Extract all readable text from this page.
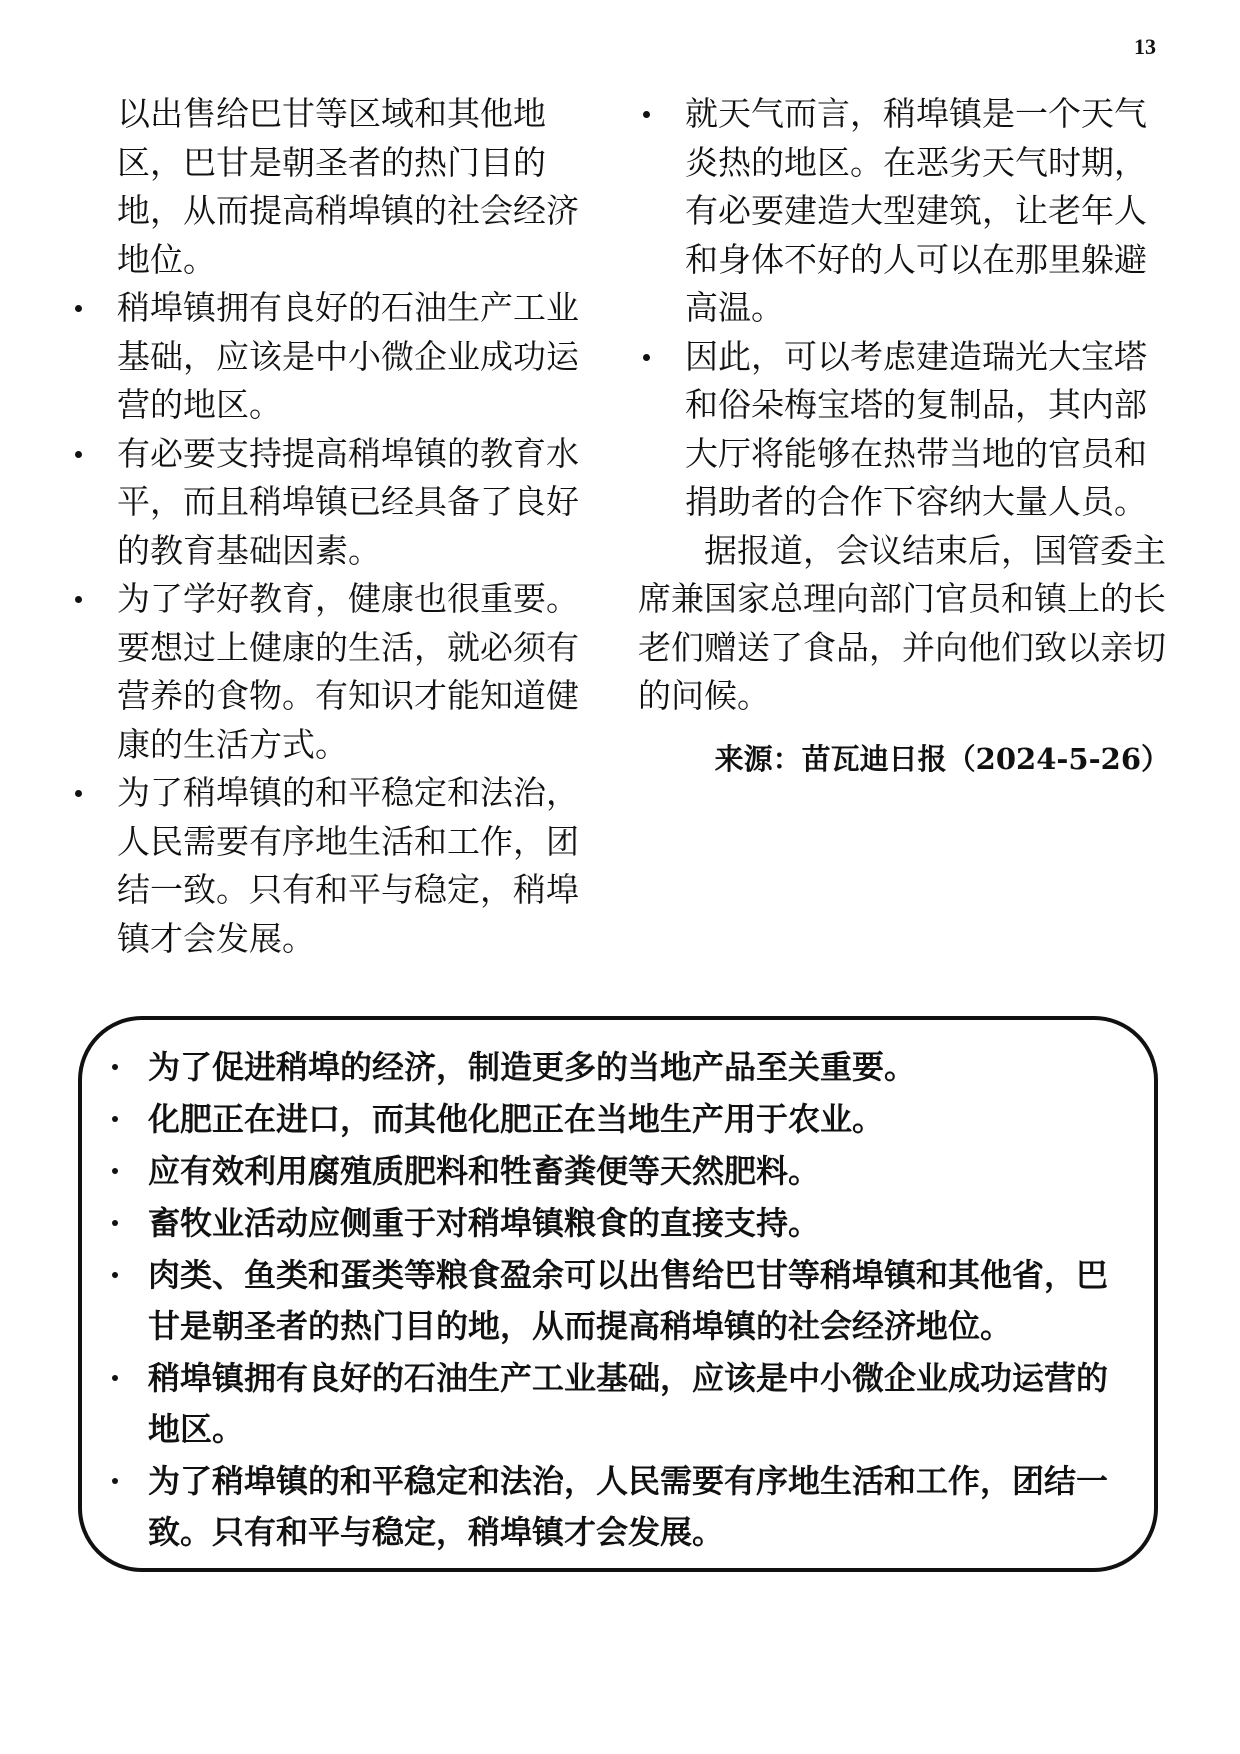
13
以出售给巴甘等区域和其他地区，巴甘是朝圣者的热门目的地，从而提高稍埠镇的社会经济地位。
稍埠镇拥有良好的石油生产工业基础，应该是中小微企业成功运营的地区。
有必要支持提高稍埠镇的教育水平，而且稍埠镇已经具备了良好的教育基础因素。
为了学好教育，健康也很重要。要想过上健康的生活，就必须有营养的食物。有知识才能知道健康的生活方式。
为了稍埠镇的和平稳定和法治，人民需要有序地生活和工作，团结一致。只有和平与稳定，稍埠镇才会发展。
就天气而言，稍埠镇是一个天气炎热的地区。在恶劣天气时期，有必要建造大型建筑，让老年人和身体不好的人可以在那里躲避高温。
因此，可以考虑建造瑞光大宝塔和俗朵梅宝塔的复制品，其内部大厅将能够在热带当地的官员和捐助者的合作下容纳大量人员。

据报道，会议结束后，国管委主席兼国家总理向部门官员和镇上的长老们赠送了食品，并向他们致以亲切的问候。

来源：苗瓦迪日报（2024-5-26）
为了促进稍埠的经济，制造更多的当地产品至关重要。
化肥正在进口，而其他化肥正在当地生产用于农业。
应有效利用腐殖质肥料和牲畜粪便等天然肥料。
畜牧业活动应侧重于对稍埠镇粮食的直接支持。
肉类、鱼类和蛋类等粮食盈余可以出售给巴甘等稍埠镇和其他省，巴甘是朝圣者的热门目的地，从而提高稍埠镇的社会经济地位。
稍埠镇拥有良好的石油生产工业基础，应该是中小微企业成功运营的地区。
为了稍埠镇的和平稳定和法治，人民需要有序地生活和工作，团结一致。只有和平与稳定，稍埠镇才会发展。
